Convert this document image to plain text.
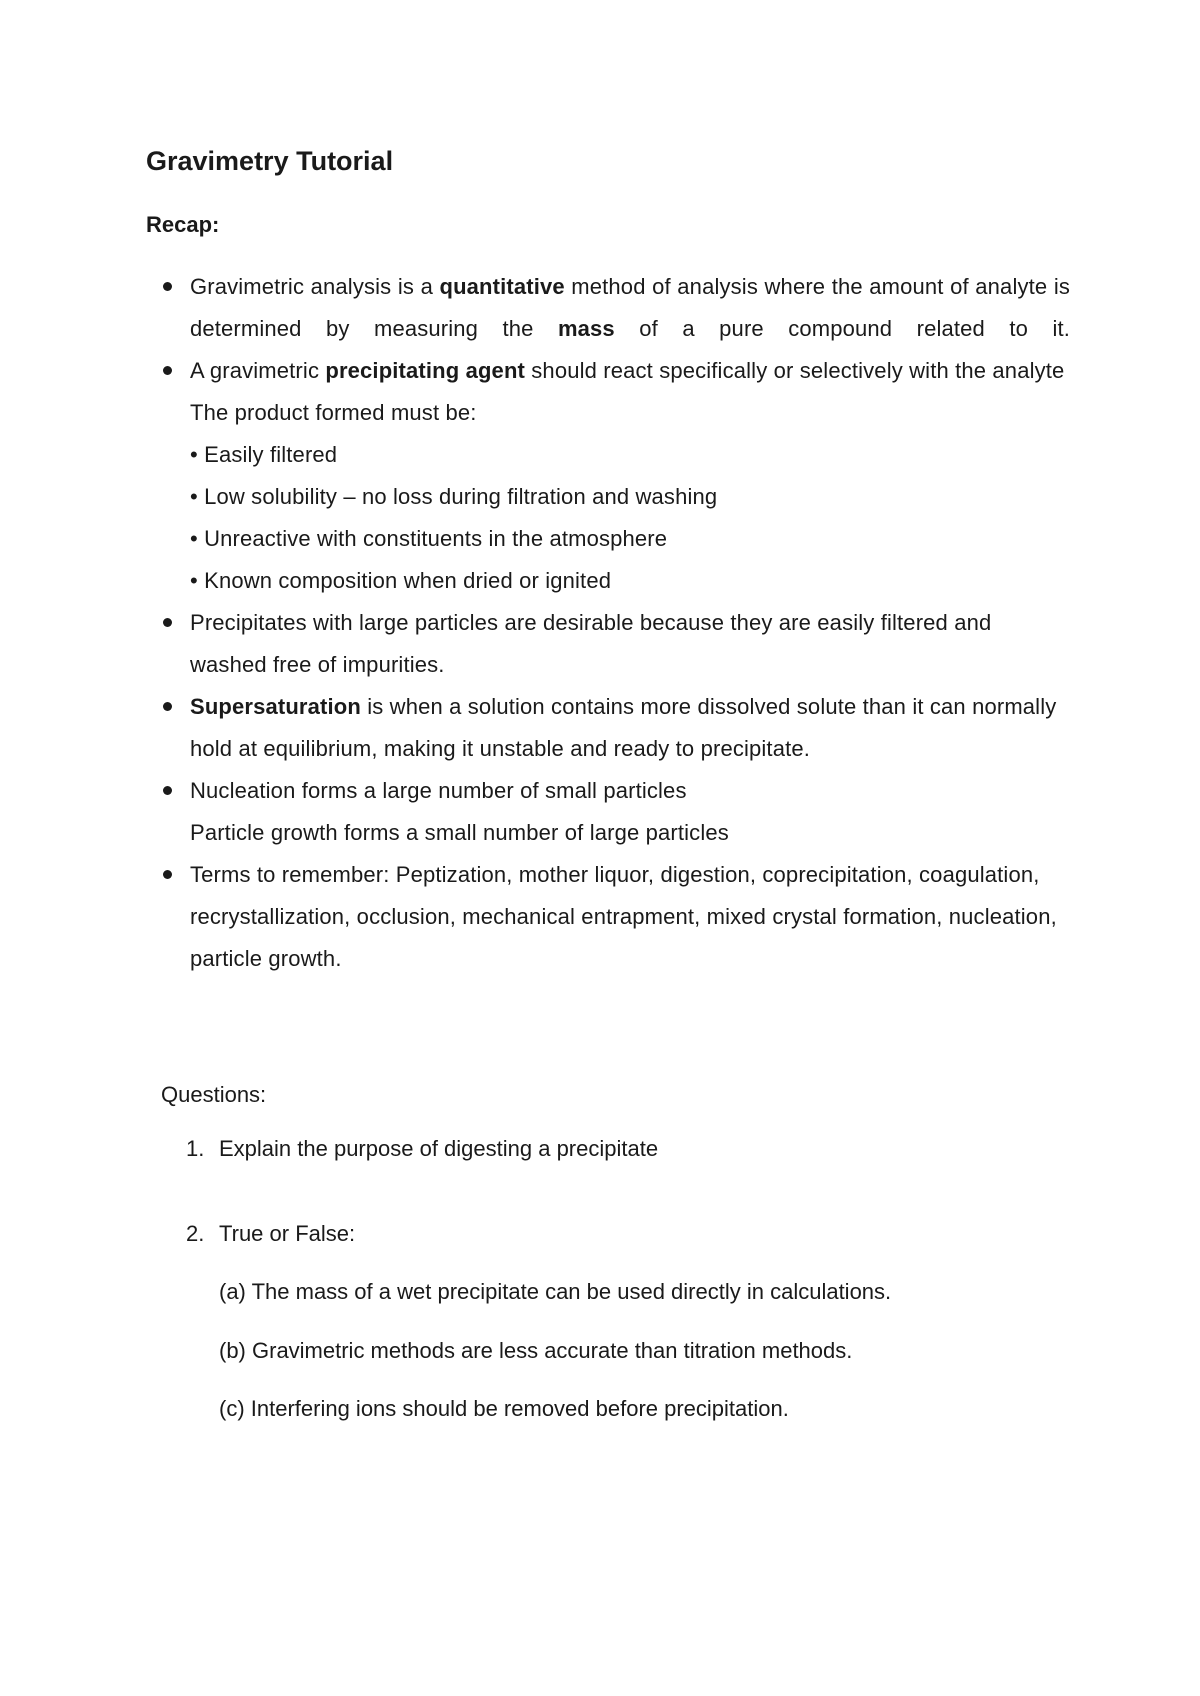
Gravimetry Tutorial
Recap:
Gravimetric analysis is a quantitative method of analysis where the amount of analyte is determined by measuring the mass of a pure compound related to it.
A gravimetric precipitating agent should react specifically or selectively with the analyte
The product formed must be:
• Easily filtered
• Low solubility – no loss during filtration and washing
• Unreactive with constituents in the atmosphere
• Known composition when dried or ignited
Precipitates with large particles are desirable because they are easily filtered and washed free of impurities.
Supersaturation is when a solution contains more dissolved solute than it can normally hold at equilibrium, making it unstable and ready to precipitate.
Nucleation forms a large number of small particles
Particle growth forms a small number of large particles
Terms to remember: Peptization, mother liquor, digestion, coprecipitation, coagulation, recrystallization, occlusion, mechanical entrapment, mixed crystal formation, nucleation, particle growth.

Questions:

1. Explain the purpose of digesting a precipitate
2. True or False:

(a) The mass of a wet precipitate can be used directly in calculations.

(b) Gravimetric methods are less accurate than titration methods.

(c) Interfering ions should be removed before precipitation.
